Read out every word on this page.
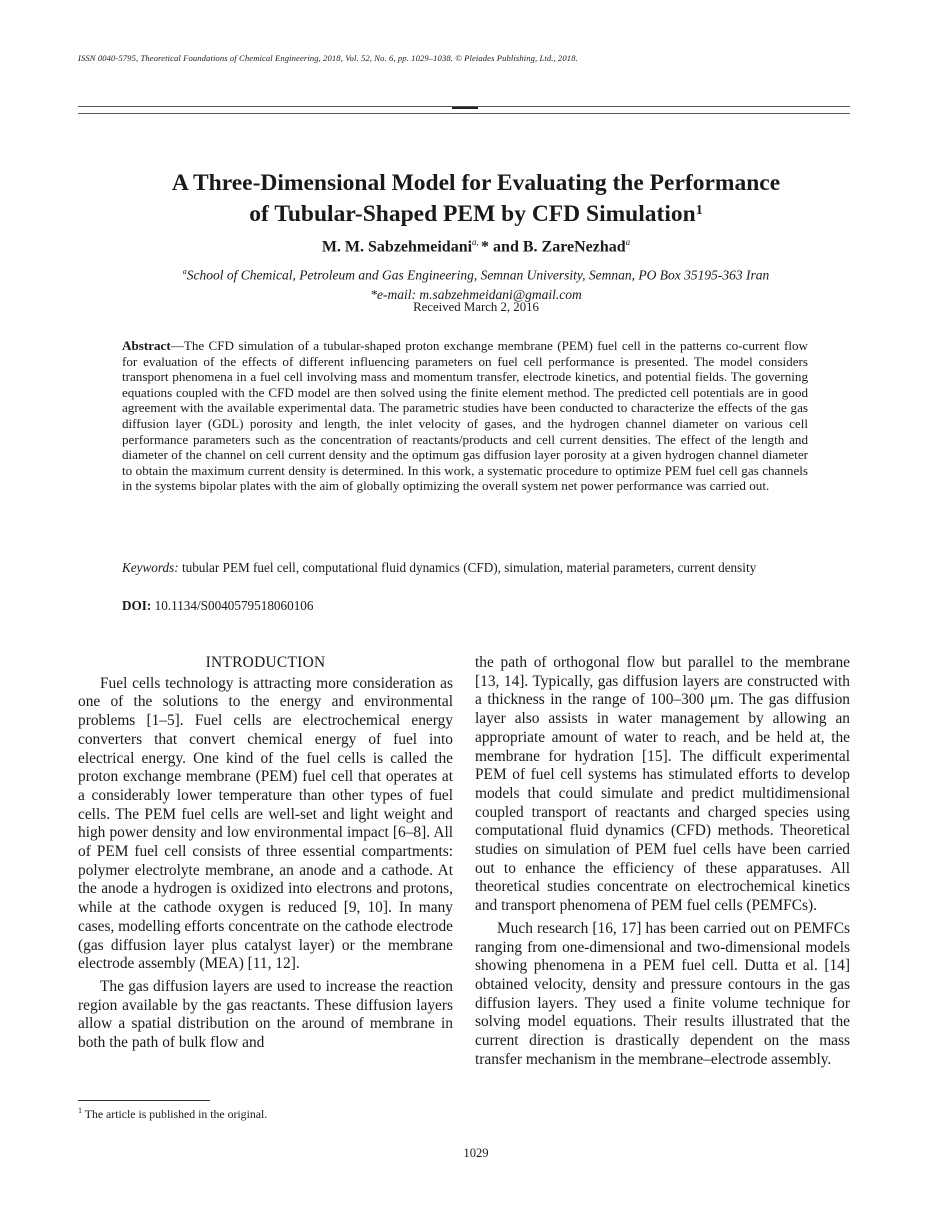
ISSN 0040-5795, Theoretical Foundations of Chemical Engineering, 2018, Vol. 52, No. 6, pp. 1029–1038. © Pleiades Publishing, Ltd., 2018.
A Three-Dimensional Model for Evaluating the Performance
of Tubular-Shaped PEM by CFD Simulation$^1$
M. M. Sabzehmeidani$^{a,}$ * and B. ZareNezhad$^a$
$^a$School of Chemical, Petroleum and Gas Engineering, Semnan University, Semnan, PO Box 35195-363 Iran
*e-mail: m.sabzehmeidani@gmail.com
Received March 2, 2016

Abstract—The CFD simulation of a tubular-shaped proton exchange membrane (PEM) fuel cell in the patterns co-current flow for evaluation of the effects of different influencing parameters on fuel cell performance is presented. The model considers transport phenomena in a fuel cell involving mass and momentum transfer, electrode kinetics, and potential fields. The governing equations coupled with the CFD model are then solved using the finite element method. The predicted cell potentials are in good agreement with the available experimental data. The parametric studies have been conducted to characterize the effects of the gas diffusion layer (GDL) porosity and length, the inlet velocity of gases, and the hydrogen channel diameter on various cell performance parameters such as the concentration of reactants/products and cell current densities. The effect of the length and diameter of the channel on cell current density and the optimum gas diffusion layer porosity at a given hydrogen channel diameter to obtain the maximum current density is determined. In this work, a systematic procedure to optimize PEM fuel cell gas channels in the systems bipolar plates with the aim of globally optimizing the overall system net power performance was carried out.

Keywords: tubular PEM fuel cell, computational fluid dynamics (CFD), simulation, material parameters, current density

DOI: 10.1134/S0040579518060106
INTRODUCTION

Fuel cells technology is attracting more consideration as one of the solutions to the energy and environmental problems [1–5]. Fuel cells are electrochemical energy converters that convert chemical energy of fuel into electrical energy. One kind of the fuel cells is called the proton exchange membrane (PEM) fuel cell that operates at a considerably lower temperature than other types of fuel cells. The PEM fuel cells are well-set and light weight and high power density and low environmental impact [6–8]. All of PEM fuel cell consists of three essential compartments: polymer electrolyte membrane, an anode and a cathode. At the anode a hydrogen is oxidized into electrons and protons, while at the cathode oxygen is reduced [9, 10]. In many cases, modelling efforts concentrate on the cathode electrode (gas diffusion layer plus catalyst layer) or the membrane electrode assembly (MEA) [11, 12].

The gas diffusion layers are used to increase the reaction region available by the gas reactants. These diffusion layers allow a spatial distribution on the around of membrane in both the path of bulk flow and

the path of orthogonal flow but parallel to the membrane [13, 14]. Typically, gas diffusion layers are constructed with a thickness in the range of 100–300 μm. The gas diffusion layer also assists in water management by allowing an appropriate amount of water to reach, and be held at, the membrane for hydration [15]. The difficult experimental PEM of fuel cell systems has stimulated efforts to develop models that could simulate and predict multidimensional coupled transport of reactants and charged species using computational fluid dynamics (CFD) methods. Theoretical studies on simulation of PEM fuel cells have been carried out to enhance the efficiency of these apparatuses. All theoretical studies concentrate on electrochemical kinetics and transport phenomena of PEM fuel cells (PEMFCs).

Much research [16, 17] has been carried out on PEMFCs ranging from one-dimensional and two-dimensional models showing phenomena in a PEM fuel cell. Dutta et al. [14] obtained velocity, density and pressure contours in the gas diffusion layers. They used a finite volume technique for solving model equations. Their results illustrated that the current direction is drastically dependent on the mass transfer mechanism in the membrane–electrode assembly.

$^1$ The article is published in the original.
1029
